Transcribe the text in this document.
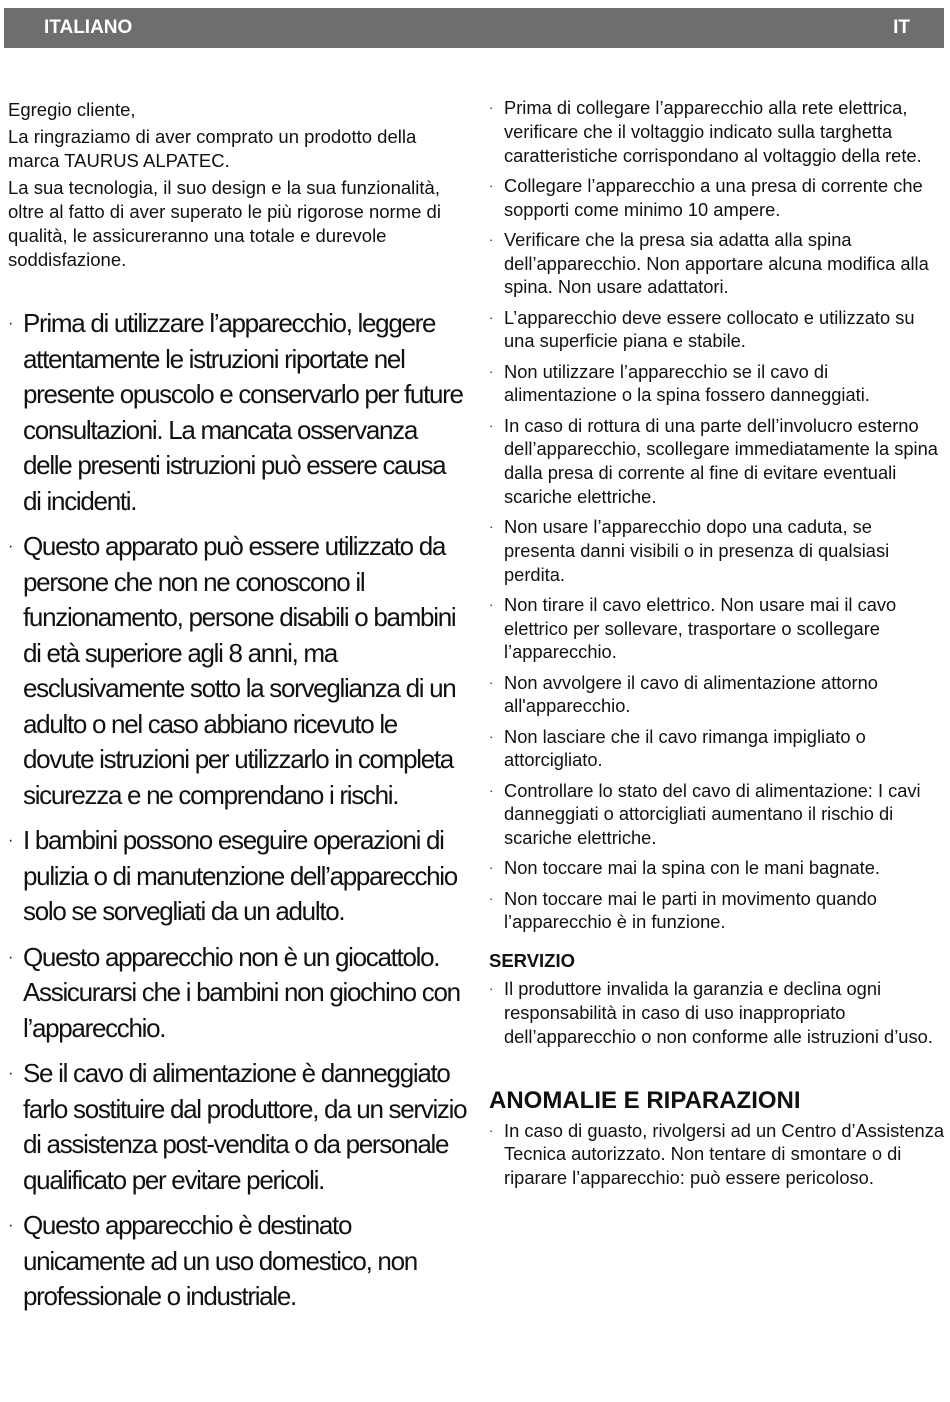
ITALIANO	IT

Egregio cliente,

La ringraziamo di aver comprato un prodotto della marca TAURUS ALPATEC.

La sua tecnologia, il suo design e la sua funzionalità, oltre al fatto di aver superato le più rigorose norme di qualità, le assicureranno una totale e durevole soddisfazione.

· Prima di utilizzare l’apparecchio, leggere attentamente le istruzioni riportate nel presente opuscolo e conservarlo per future consultazioni. La mancata osservanza delle presenti istruzioni può essere causa di incidenti.
· Questo apparato può essere utilizzato da persone che non ne conoscono il funzionamento, persone disabili o bambini di età superiore agli 8 anni, ma esclusivamente sotto la sorveglianza di un adulto o nel caso abbiano ricevuto le dovute istruzioni per utilizzarlo in completa sicurezza e ne comprendano i rischi.
· I bambini possono eseguire operazioni di pulizia o di manutenzione dell’apparecchio solo se sorvegliati da un adulto.
· Questo apparecchio non è un giocattolo. Assicurarsi che i bambini non giochino con l’apparecchio.
· Se il cavo di alimentazione è danneggiato farlo sostituire dal produttore, da un servizio di assistenza post-vendita o da personale qualificato per evitare pericoli.
· Questo apparecchio è destinato unicamente ad un uso domestico, non professionale o industriale.
· Prima di collegare l’apparecchio alla rete elettrica, verificare che il voltaggio indicato sulla targhetta caratteristiche corrispondano al voltaggio della rete.
· Collegare l’apparecchio a una presa di corrente che sopporti come minimo 10 ampere.
· Verificare che la presa sia adatta alla spina dell’apparecchio. Non apportare alcuna modifica alla spina. Non usare adattatori.
· L’apparecchio deve essere collocato e utilizzato su una superficie piana e stabile.
· Non utilizzare l’apparecchio se il cavo di alimentazione o la spina fossero danneggiati.
· In caso di rottura di una parte dell’involucro esterno dell’apparecchio, scollegare immediatamente la spina dalla presa di corrente al fine di evitare eventuali scariche elettriche.
· Non usare l’apparecchio dopo una caduta, se presenta danni visibili o in presenza di qualsiasi perdita.
· Non tirare il cavo elettrico. Non usare mai il cavo elettrico per sollevare, trasportare o scollegare l’apparecchio.
· Non avvolgere il cavo di alimentazione attorno all'apparecchio.
· Non lasciare che il cavo rimanga impigliato o attorcigliato.
· Controllare lo stato del cavo di alimentazione: I cavi danneggiati o attorcigliati aumentano il rischio di scariche elettriche.
· Non toccare mai la spina con le mani bagnate.
· Non toccare mai le parti in movimento quando l’apparecchio è in funzione.
SERVIZIO
· Il produttore invalida la garanzia e declina ogni responsabilità in caso di uso inappropriato dell’apparecchio o non conforme alle istruzioni d’uso.
ANOMALIE E RIPARAZIONI
· In caso di guasto, rivolgersi ad un Centro d’Assistenza Tecnica autorizzato. Non tentare di smontare o di riparare l’apparecchio: può essere pericoloso.
